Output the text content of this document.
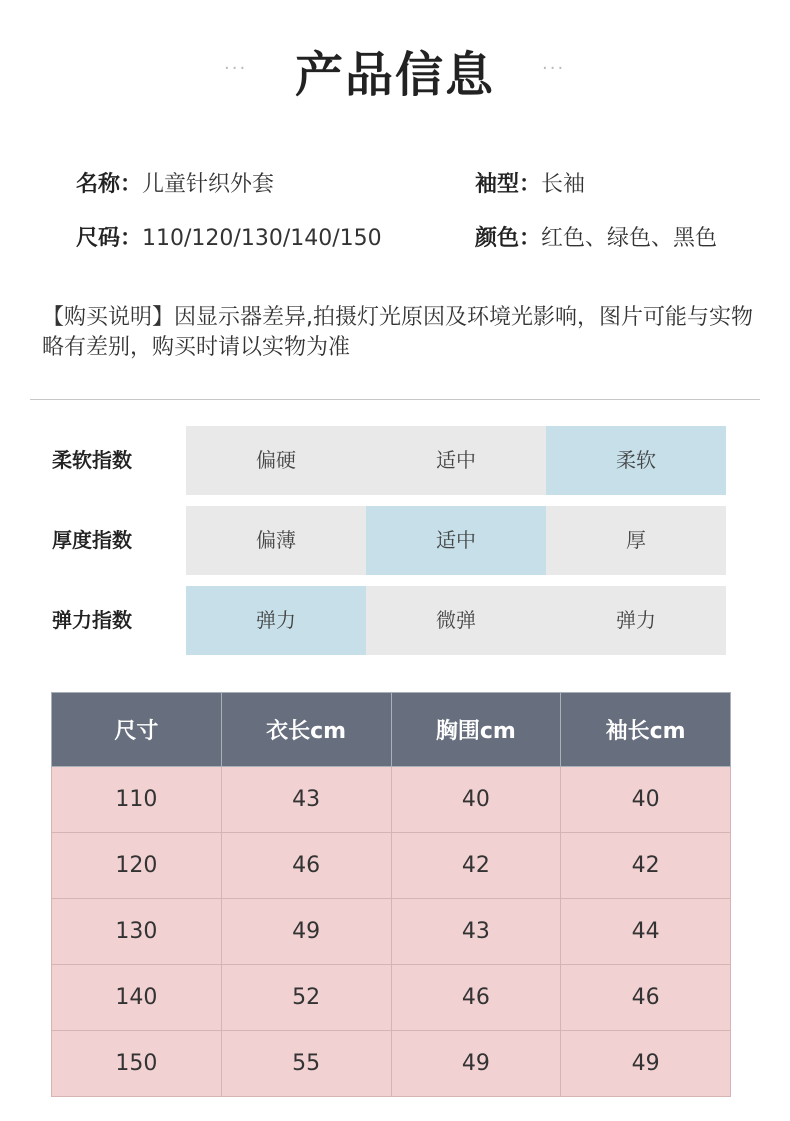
··· 产品信息	···
名称：儿童针织外套	袖型：长袖
尺码：110/120/130/140/150	颜色：红色、绿色、黑色
【购买说明】因显示器差异,拍摄灯光原因及环境光影响，图片可能与实物略有差别，购买时请以实物为准
柔软指数	偏硬	适中	柔软
厚度指数	偏薄	适中	厚
弹力指数	弹力	微弹	弹力
尺寸	衣长cm	胸围cm	袖长cm
110	43	40	40
120	46	42	42
130	49	43	44
140	52	46	46
150	55	49	49
